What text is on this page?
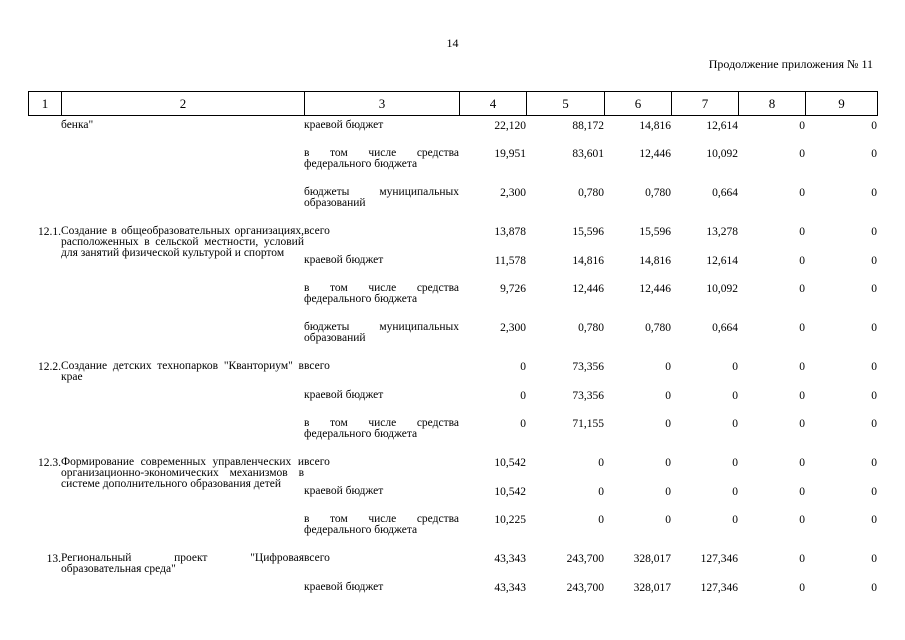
14
Продолжение приложения № 11
1	2	3	4	5	6	7	8	9
	бенка"	краевой бюджет	22,120	88,172	14,816	12,614	0	0
		в том числе средства федерального бюджета	19,951	83,601	12,446	10,092	0	0
		бюджеты муниципальных образований	2,300	0,780	0,780	0,664	0	0
12.1.	Создание в общеобразовательных организациях, расположенных в сельской местности, условий для занятий физической культурой и спортом	всего	13,878	15,596	15,596	13,278	0	0
		краевой бюджет	11,578	14,816	14,816	12,614	0	0
		в том числе средства федерального бюджета	9,726	12,446	12,446	10,092	0	0
		бюджеты муниципальных образований	2,300	0,780	0,780	0,664	0	0
12.2.	Создание детских технопарков "Кванториум" в крае	всего	0	73,356	0	0	0	0
		краевой бюджет	0	73,356	0	0	0	0
		в том числе средства федерального бюджета	0	71,155	0	0	0	0
12.3.	Формирование современных управленческих и организационно-экономических механизмов в системе дополнительного образования детей	всего	10,542	0	0	0	0	0
		краевой бюджет	10,542	0	0	0	0	0
		в том числе средства федерального бюджета	10,225	0	0	0	0	0
13.	Региональный проект "Цифровая образовательная среда"	всего	43,343	243,700	328,017	127,346	0	0
		краевой бюджет	43,343	243,700	328,017	127,346	0	0
